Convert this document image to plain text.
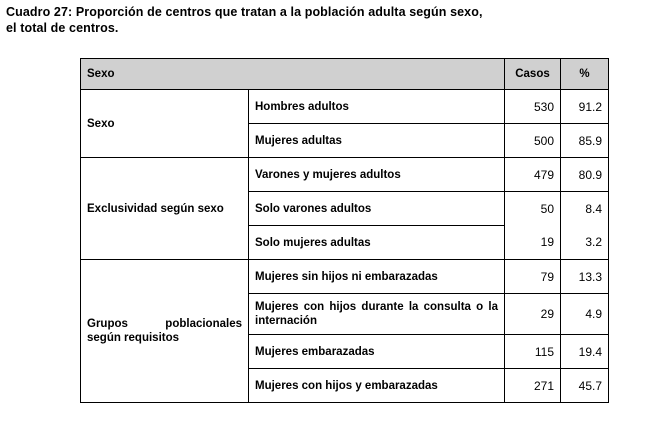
Cuadro 27: Proporción de centros que tratan a la población adulta según sexo,
el total de centros.
Sexo		Casos	%
Sexo	Hombres adultos	530	91.2
	Mujeres adultas	500	85.9
Exclusividad según sexo	Varones y mujeres adultos	479	80.9
	Solo varones adultos	50	8.4
	Solo mujeres adultas	19	3.2
Grupos poblacionales según requisitos	Mujeres sin hijos ni embarazadas	79	13.3
	Mujeres con hijos durante la consulta o la internación	29	4.9
	Mujeres embarazadas	115	19.4
	Mujeres con hijos y embarazadas	271	45.7
